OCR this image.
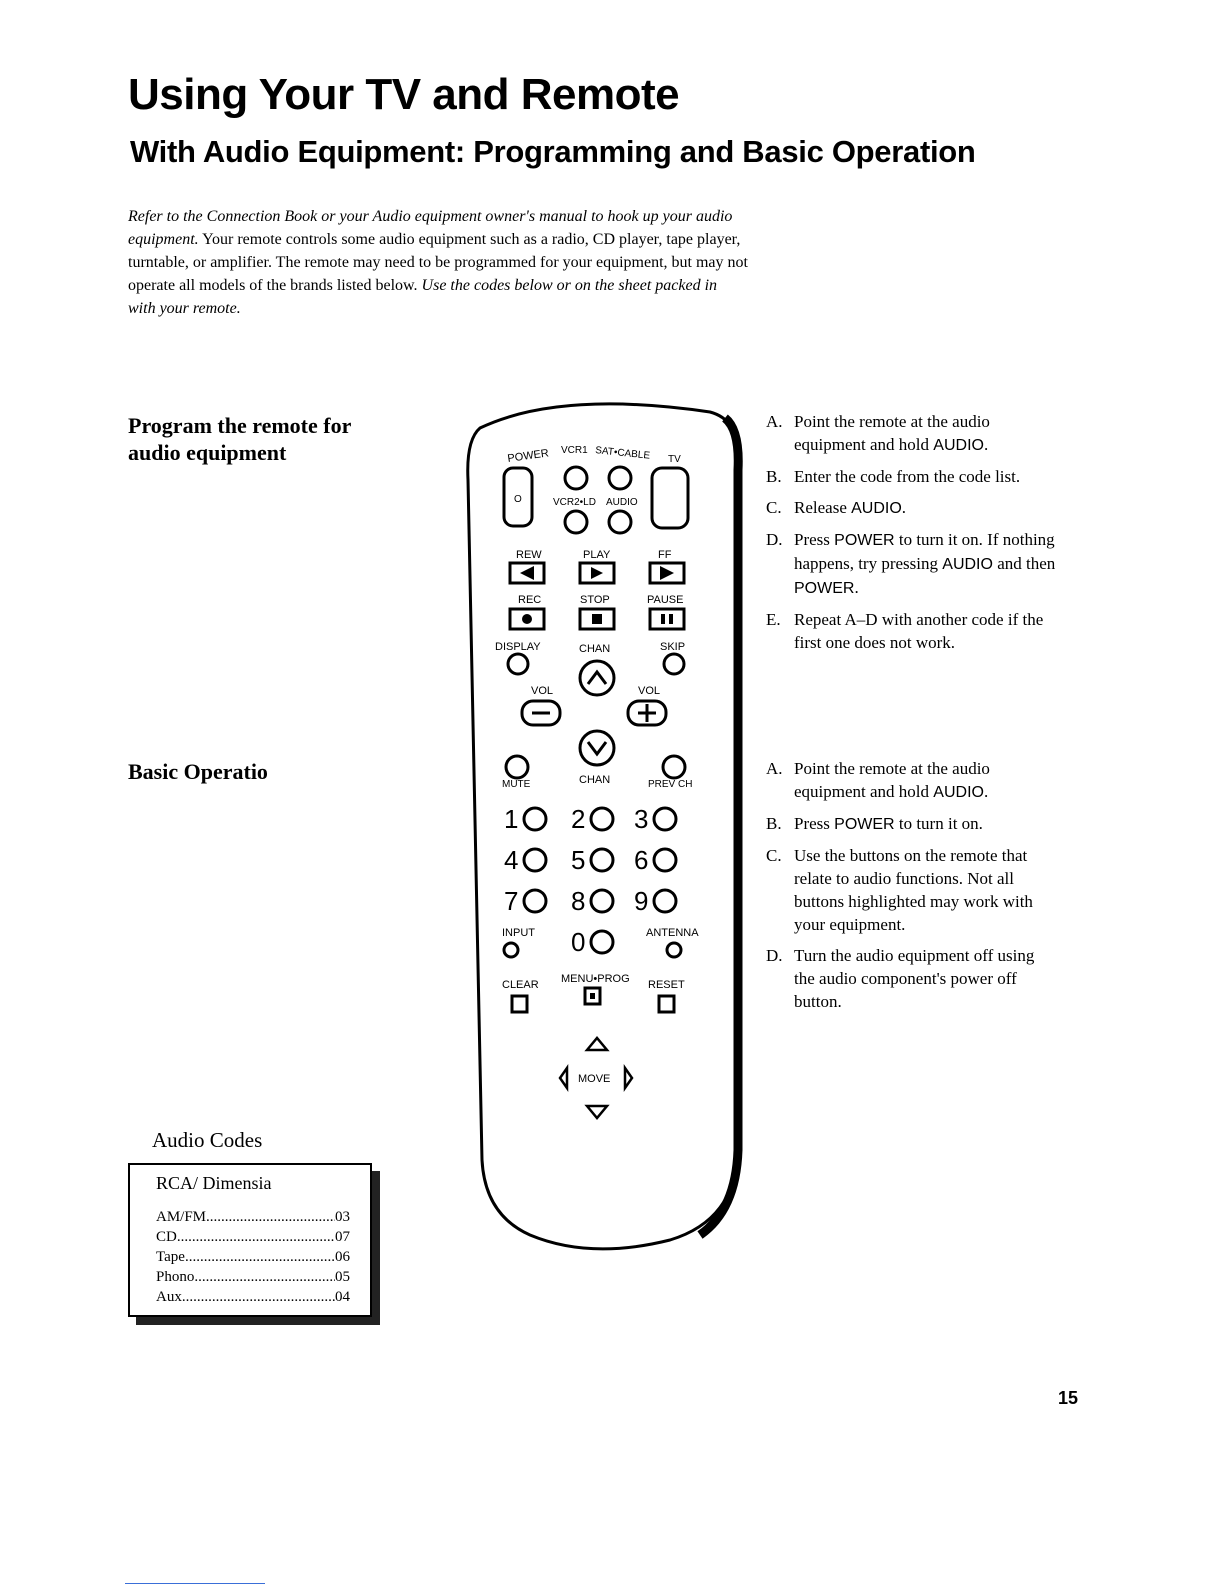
Using Your TV and Remote
With Audio Equipment: Programming and Basic Operation
Refer to the Connection Book or your Audio equipment owner's manual to hook up your audio equipment. Your remote controls some audio equipment such as a radio, CD player, tape player, turntable, or amplifier. The remote may need to be programmed for your equipment, but may not operate all models of the brands listed below. Use the codes below or on the sheet packed in with your remote.
Program the remote for
audio equipment
A. Point the remote at the audio equipment and hold AUDIO.
B. Enter the code from the code list.
C. Release AUDIO.
D. Press POWER to turn it on. If nothing happens, try pressing AUDIO and then POWER.
E. Repeat A–D with another code if the first one does not work.
Basic Operatio	A. Point the remote at the audio equipment and hold AUDIO.
B. Press POWER to turn it on.
C. Use the buttons on the remote that relate to audio functions. Not all buttons highlighted may work with your equipment.
D. Turn the audio equipment off using the audio component's power off button.
POWER VCR1 SAT•CABLE TV
O	VCR2•LD AUDIO
REW	PLAY	FF
REC	STOP	PAUSE
DISPLAY	CHAN	SKIP
VOL	VOL
MUTE	CHAN	PREV CH
1 2 3
4 5 6
7 8 9
0
INPUT	ANTENNA
CLEAR MENU•PROG RESET
MOVE
Audio Codes
RCA/ Dimensia
AM/FM .....	03
CD .....	07
Tape .....	06
Phono .....	05
Aux .....	04
15
